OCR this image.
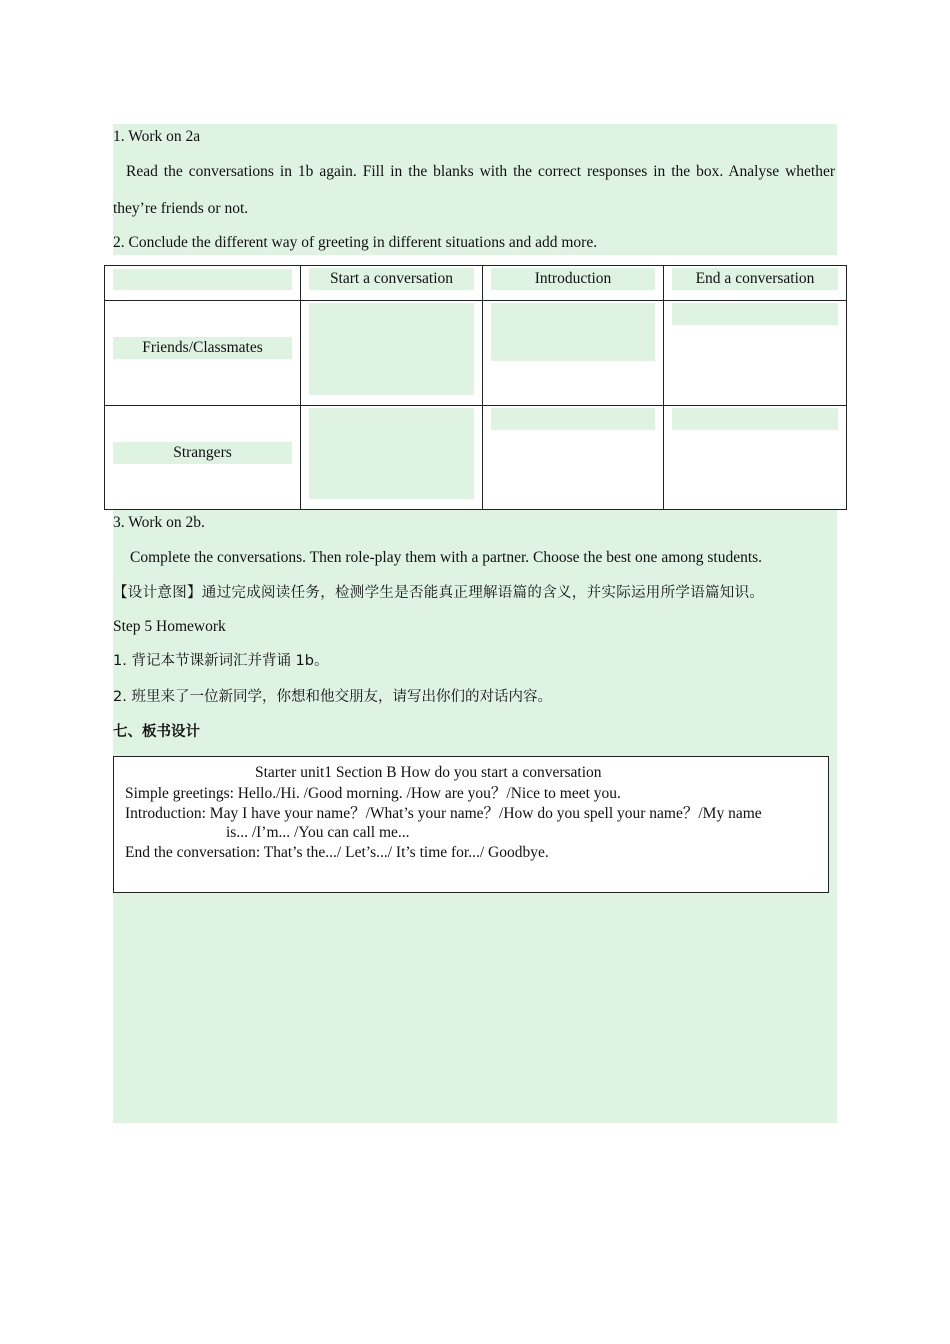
1. Work on 2a
Read the conversations in 1b again. Fill in the blanks with the correct responses in the box. Analyse whether they’re friends or not.
2. Conclude the different way of greeting in different situations and add more.

	Start a conversation	Introduction	End a conversation

Friends/Classmates			

Strangers			

3. Work on 2b.
Complete the conversations. Then role-play them with a partner. Choose the best one among students.
【设计意图】通过完成阅读任务，检测学生是否能真正理解语篇的含义，并实际运用所学语篇知识。
Step 5 Homework
1. 背记本节课新词汇并背诵 1b。
2. 班里来了一位新同学，你想和他交朋友，请写出你们的对话内容。
七、板书设计
Starter unit1 Section B How do you start a conversation
Simple greetings: Hello./Hi. /Good morning. /How are you？/Nice to meet you.
Introduction: May I have your name？/What’s your name？/How do you spell your name？/My name
is... /I’m... /You can call me...
End the conversation: That’s the.../ Let’s.../ It’s time for.../ Goodbye.
